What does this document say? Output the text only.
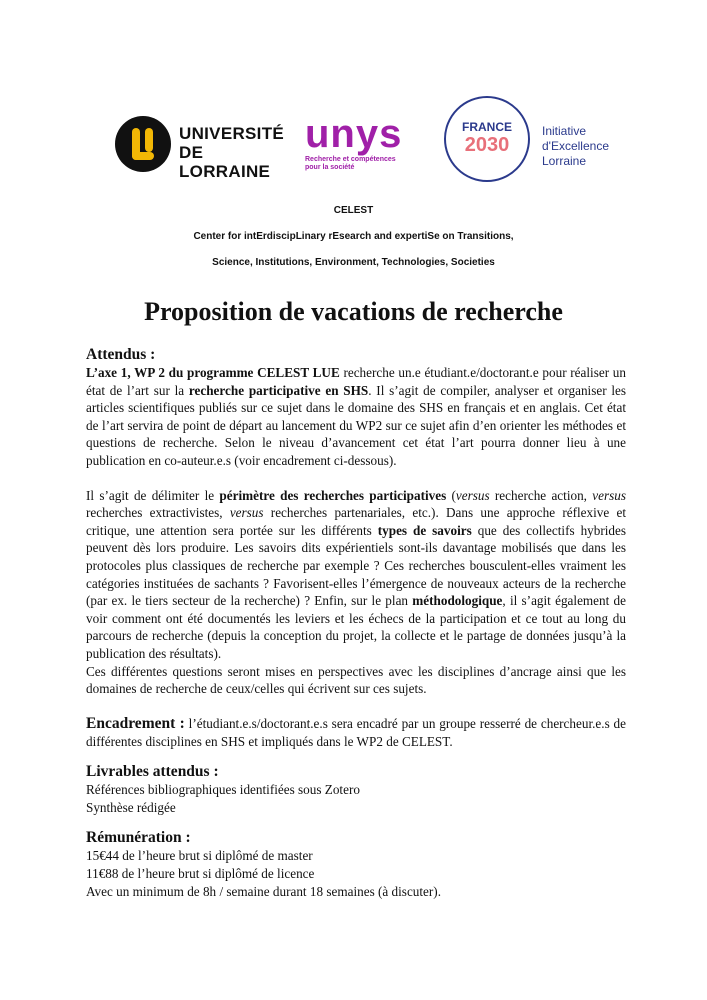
UNIVERSITÉ
DE LORRAINE
unys
Recherche et compétences
pour la société
FRANCE
2030
Initiative
d'Excellence
Lorraine
CELEST
Center for intErdiscipLinary rEsearch and expertiSe on Transitions,
Science, Institutions, Environment, Technologies, Societies
Proposition de vacations de recherche
Attendus :

L’axe 1, WP 2 du programme CELEST LUE recherche un.e étudiant.e/doctorant.e pour réaliser un état de l’art sur la recherche participative en SHS. Il s’agit de compiler, analyser et organiser les articles scientifiques publiés sur ce sujet dans le domaine des SHS en français et en anglais. Cet état de l’art servira de point de départ au lancement du WP2 sur ce sujet afin d’en orienter les méthodes et questions de recherche. Selon le niveau d’avancement cet état l’art pourra donner lieu à une publication en co-auteur.e.s (voir encadrement ci-dessous).

Il s’agit de délimiter le périmètre des recherches participatives (versus recherche action, versus recherches extractivistes, versus recherches partenariales, etc.). Dans une approche réflexive et critique, une attention sera portée sur les différents types de savoirs que des collectifs hybrides peuvent dès lors produire. Les savoirs dits expérientiels sont-ils davantage mobilisés que dans les protocoles plus classiques de recherche par exemple ? Ces recherches bousculent-elles vraiment les catégories instituées de sachants ? Favorisent-elles l’émergence de nouveaux acteurs de la recherche (par ex. le tiers secteur de la recherche) ? Enfin, sur le plan méthodologique, il s’agit également de voir comment ont été documentés les leviers et les échecs de la participation et ce tout au long du parcours de recherche (depuis la conception du projet, la collecte et le partage de données jusqu’à la publication des résultats).

Ces différentes questions seront mises en perspectives avec les disciplines d’ancrage ainsi que les domaines de recherche de ceux/celles qui écrivent sur ces sujets.

Encadrement : l’étudiant.e.s/doctorant.e.s sera encadré par un groupe resserré de chercheur.e.s de différentes disciplines en SHS et impliqués dans le WP2 de CELEST.

Livrables attendus :
Références bibliographiques identifiées sous Zotero
Synthèse rédigée
Rémunération :
15€44 de l’heure brut si diplômé de master
11€88 de l’heure brut si diplômé de licence
Avec un minimum de 8h / semaine durant 18 semaines (à discuter).
